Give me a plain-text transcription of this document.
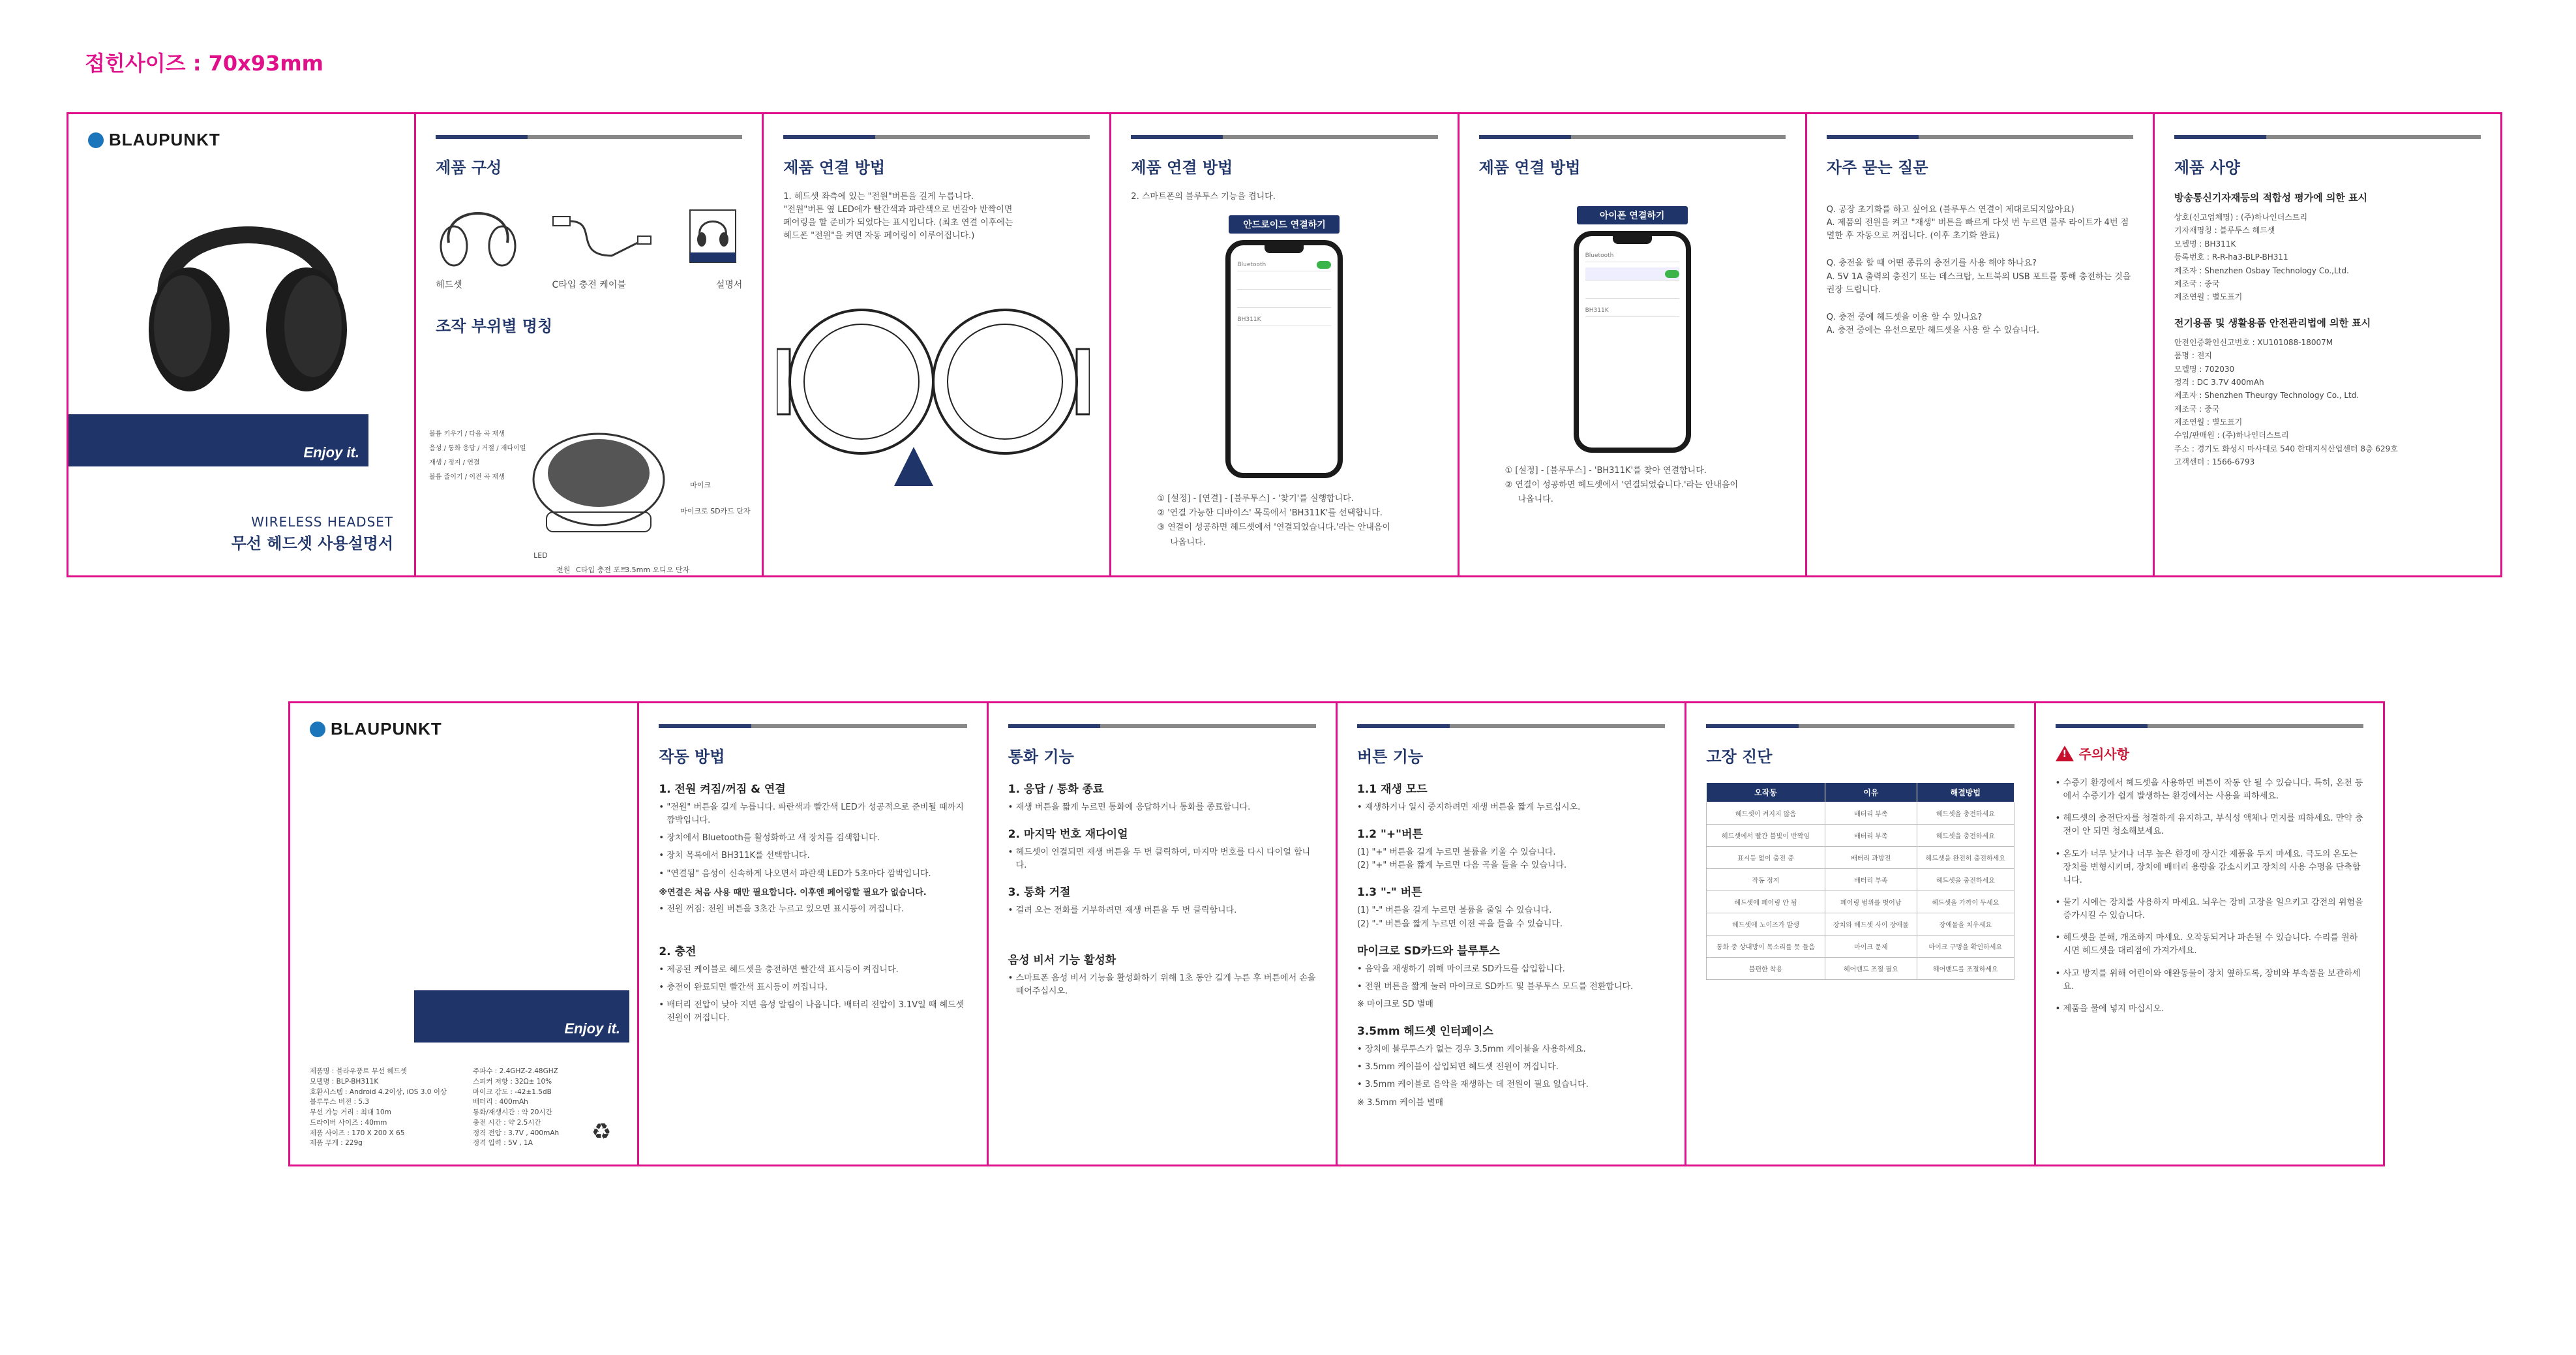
접힌사이즈 : 70x93mm
BLAUPUNKT
Enjoy it.
WIRELESS HEADSET
무선 헤드셋 사용설명서
제품 구성
헤드셋	C타입 충전 케이블	설명서
조작 부위별 명칭
볼륨 키우기 / 다음 곡 재생
음성 / 통화 응답 / 거절 / 재다이얼
재생 / 정지 / 연결
볼륨 줄이기 / 이전 곡 재생
LED
전원 C타입 충전 포트
3.5mm 오디오 단자
마이크로 SD카드 단자
마이크
제품 연결 방법

1. 헤드셋 좌측에 있는 "전원"버튼을 길게 누릅니다.

"전원"버튼 옆 LED에가 빨간색과 파란색으로 번갈아 반짝이면

페어링을 할 준비가 되었다는 표시입니다. (최초 연결 이후에는

헤드폰 "전원"을 켜면 자동 페어링이 이루어집니다.)

제품 연결 방법

2. 스마트폰의 블루투스 기능을 켭니다.

안드로이드 연결하기
Bluetooth
BH311K

① [설정] - [연결] - [블루투스] - '찾기'를 실행합니다.

② '연결 가능한 디바이스' 목록에서 'BH311K'를 선택합니다.

③ 연결이 성공하면 헤드셋에서 '연결되었습니다.'라는 안내음이

나옵니다.

제품 연결 방법
아이폰 연결하기
Bluetooth
BH311K

① [설정] - [블루투스] - 'BH311K'를 찾아 연결합니다.

② 연결이 성공하면 헤드셋에서 '연결되었습니다.'라는 안내음이

나옵니다.

자주 묻는 질문

Q. 공장 초기화를 하고 싶어요 (블루투스 연결이 제대로되지않아요)

A. 제품의 전원을 켜고 "재생" 버튼을 빠르게 다섯 번 누르면 불루 라이트가 4번 점멸한 후 자동으로 꺼집니다. (이후 초기화 완료)

Q. 충전을 할 때 어떤 종류의 충전기를 사용 해야 하나요?

A. 5V 1A 출력의 충전기 또는 데스크탑, 노트북의 USB 포트를 통해 충전하는 것을 권장 드립니다.

Q. 충전 중에 헤드셋을 이용 할 수 있나요?

A. 충전 중에는 유선으로만 헤드셋을 사용 할 수 있습니다.

제품 사양
방송통신기자재등의 적합성 평가에 의한 표시

상호(신고업체명) : (주)하나인더스트리

기자재명칭 : 블루투스 헤드셋

모델명 : BH311K

등록번호 : R-R-ha3-BLP-BH311

제조자 : Shenzhen Osbay Technology Co.,Ltd.

제조국 : 중국

제조연월 : 별도표기

전기용품 및 생활용품 안전관리법에 의한 표시

안전인증확인신고번호 : XU101088-18007M

품명 : 전지

모델명 : 702030

정격 : DC 3.7V 400mAh

제조자 : Shenzhen Theurgy Technology Co., Ltd.

제조국 : 중국

제조연월 : 별도표기

수입/판매원 : (주)하나인더스트리

주소 : 경기도 화성시 마사대로 540 한대지식산업센터 8층 629호

고객센터 : 1566-6793

BLAUPUNKT
Enjoy it.

제품명 : 블라우풍트 무선 헤드셋

모델명 : BLP-BH311K

호환시스템 : Android 4.2이상, iOS 3.0 이상

블루투스 버전 : 5.3

무선 가능 거리 : 최대 10m

드라이버 사이즈 : 40mm

제품 사이즈 : 170 X 200 X 65

제품 무게 : 229g

주파수 : 2.4GHZ-2.48GHZ

스피커 저항 : 32Ω± 10%

마이크 감도 : -42±1.5dB

배터리 : 400mAh

통화/재생시간 : 약 20시간

충전 시간 : 약 2.5시간

정격 전압 : 3.7V , 400mAh

정격 입력 : 5V , 1A	♻
작동 방법
1. 전원 켜짐/꺼짐 & 연결
• "전원" 버튼을 길게 누릅니다. 파란색과 빨간색 LED가 성공적으로 준비될 때까지 깜박입니다.
• 장치에서 Bluetooth를 활성화하고 새 장치를 검색합니다.
• 장치 목록에서 BH311K를 선택합니다.
• "연결됨" 음성이 신속하게 나오면서 파란색 LED가 5초마다 깜박입니다.
※연결은 처음 사용 때만 필요합니다. 이후엔 페어링할 필요가 없습니다.
• 전원 꺼짐: 전원 버튼을 3초간 누르고 있으면 표시등이 꺼집니다.
2. 충전
• 제공된 케이블로 헤드셋을 충전하면 빨간색 표시등이 켜집니다.
• 충전이 완료되면 빨간색 표시등이 꺼집니다.
• 배터리 전압이 낮아 지면 음성 알림이 나옵니다. 배터리 전압이 3.1V일 때 헤드셋 전원이 꺼집니다.
통화 기능
1. 응답 / 통화 종료
• 재생 버튼을 짧게 누르면 통화에 응답하거나 통화를 종료합니다.
2. 마지막 번호 재다이얼
• 헤드셋이 연결되면 재생 버튼을 두 번 클릭하여, 마지막 번호를 다시 다이얼 합니다.
3. 통화 거절
• 걸려 오는 전화를 거부하려면 재생 버튼을 두 번 클릭합니다.
음성 비서 기능 활성화
• 스마트폰 음성 비서 기능을 활성화하기 위해 1초 동안 길게 누른 후 버튼에서 손을 떼어주십시오.
버튼 기능
1.1 재생 모드
• 재생하거나 일시 중지하려면 재생 버튼을 짧게 누르십시오.
1.2 "+"버튼

(1) "+" 버튼을 길게 누르면 볼륨을 키울 수 있습니다.

(2) "+" 버튼을 짧게 누르면 다음 곡을 들을 수 있습니다.

1.3 "-" 버튼

(1) "-" 버튼을 길게 누르면 볼륨을 줄일 수 있습니다.

(2) "-" 버튼을 짧게 누르면 이전 곡을 들을 수 있습니다.

마이크로 SD카드와 블루투스
• 음악을 재생하기 위해 마이크로 SD카드를 삽입합니다.
• 전원 버튼을 짧게 눌러 마이크로 SD카드 및 블루투스 모드를 전환합니다.

※ 마이크로 SD 별매

3.5mm 헤드셋 인터페이스
• 장치에 블루투스가 없는 경우 3.5mm 케이블을 사용하세요.
• 3.5mm 케이블이 삽입되면 헤드셋 전원이 꺼집니다.
• 3.5mm 케이블로 음악을 재생하는 데 전원이 필요 없습니다.

※ 3.5mm 케이블 별매

고장 진단
오작동	이유	해결방법
헤드셋이 켜지지 않음	배터리 부족	헤드셋을 충전하세요
헤드셋에서 빨간 불빛이 반짝임	배터리 부족	헤드셋을 충전하세요
표시등 없이 충전 중	배터리 과방전	헤드셋을 완전히 충전하세요
작동 정지	배터리 부족	헤드셋을 충전하세요
헤드셋에 페어링 안 됨	페어링 범위를 벗어남	헤드셋을 가까이 두세요
헤드셋에 노이즈가 발생	장치와 헤드셋 사이 장애물	장애물을 치우세요
통화 중 상대방이 목소리를 못 들음	마이크 문제	마이크 구멍을 확인하세요
불편한 착용	헤어밴드 조절 필요	헤어밴드를 조절하세요
!
주의사항
• 수증기 환경에서 헤드셋을 사용하면 버튼이 작동 안 될 수 있습니다. 특히, 온천 등에서 수증기가 쉽게 발생하는 환경에서는 사용을 피하세요.
• 헤드셋의 충전단자를 청결하게 유지하고, 부식성 액체나 먼지를 피하세요. 만약 충전이 안 되면 청소해보세요.
• 온도가 너무 낮거나 너무 높은 환경에 장시간 제품을 두지 마세요. 극도의 온도는 장치를 변형시키며, 장치에 배터리 용량을 감소시키고 장치의 사용 수명을 단축합니다.
• 물기 시에는 장치를 사용하지 마세요. 뇌우는 장비 고장을 일으키고 감전의 위험을 증가시킬 수 있습니다.
• 헤드셋을 분해, 개조하지 마세요. 오작동되거나 파손될 수 있습니다. 수리를 원하시면 헤드셋을 대리점에 가져가세요.
• 사고 방지를 위해 어린이와 애완동물이 장치 옆하도록, 장비와 부속품을 보관하세요.
• 제품을 물에 넣지 마십시오.
